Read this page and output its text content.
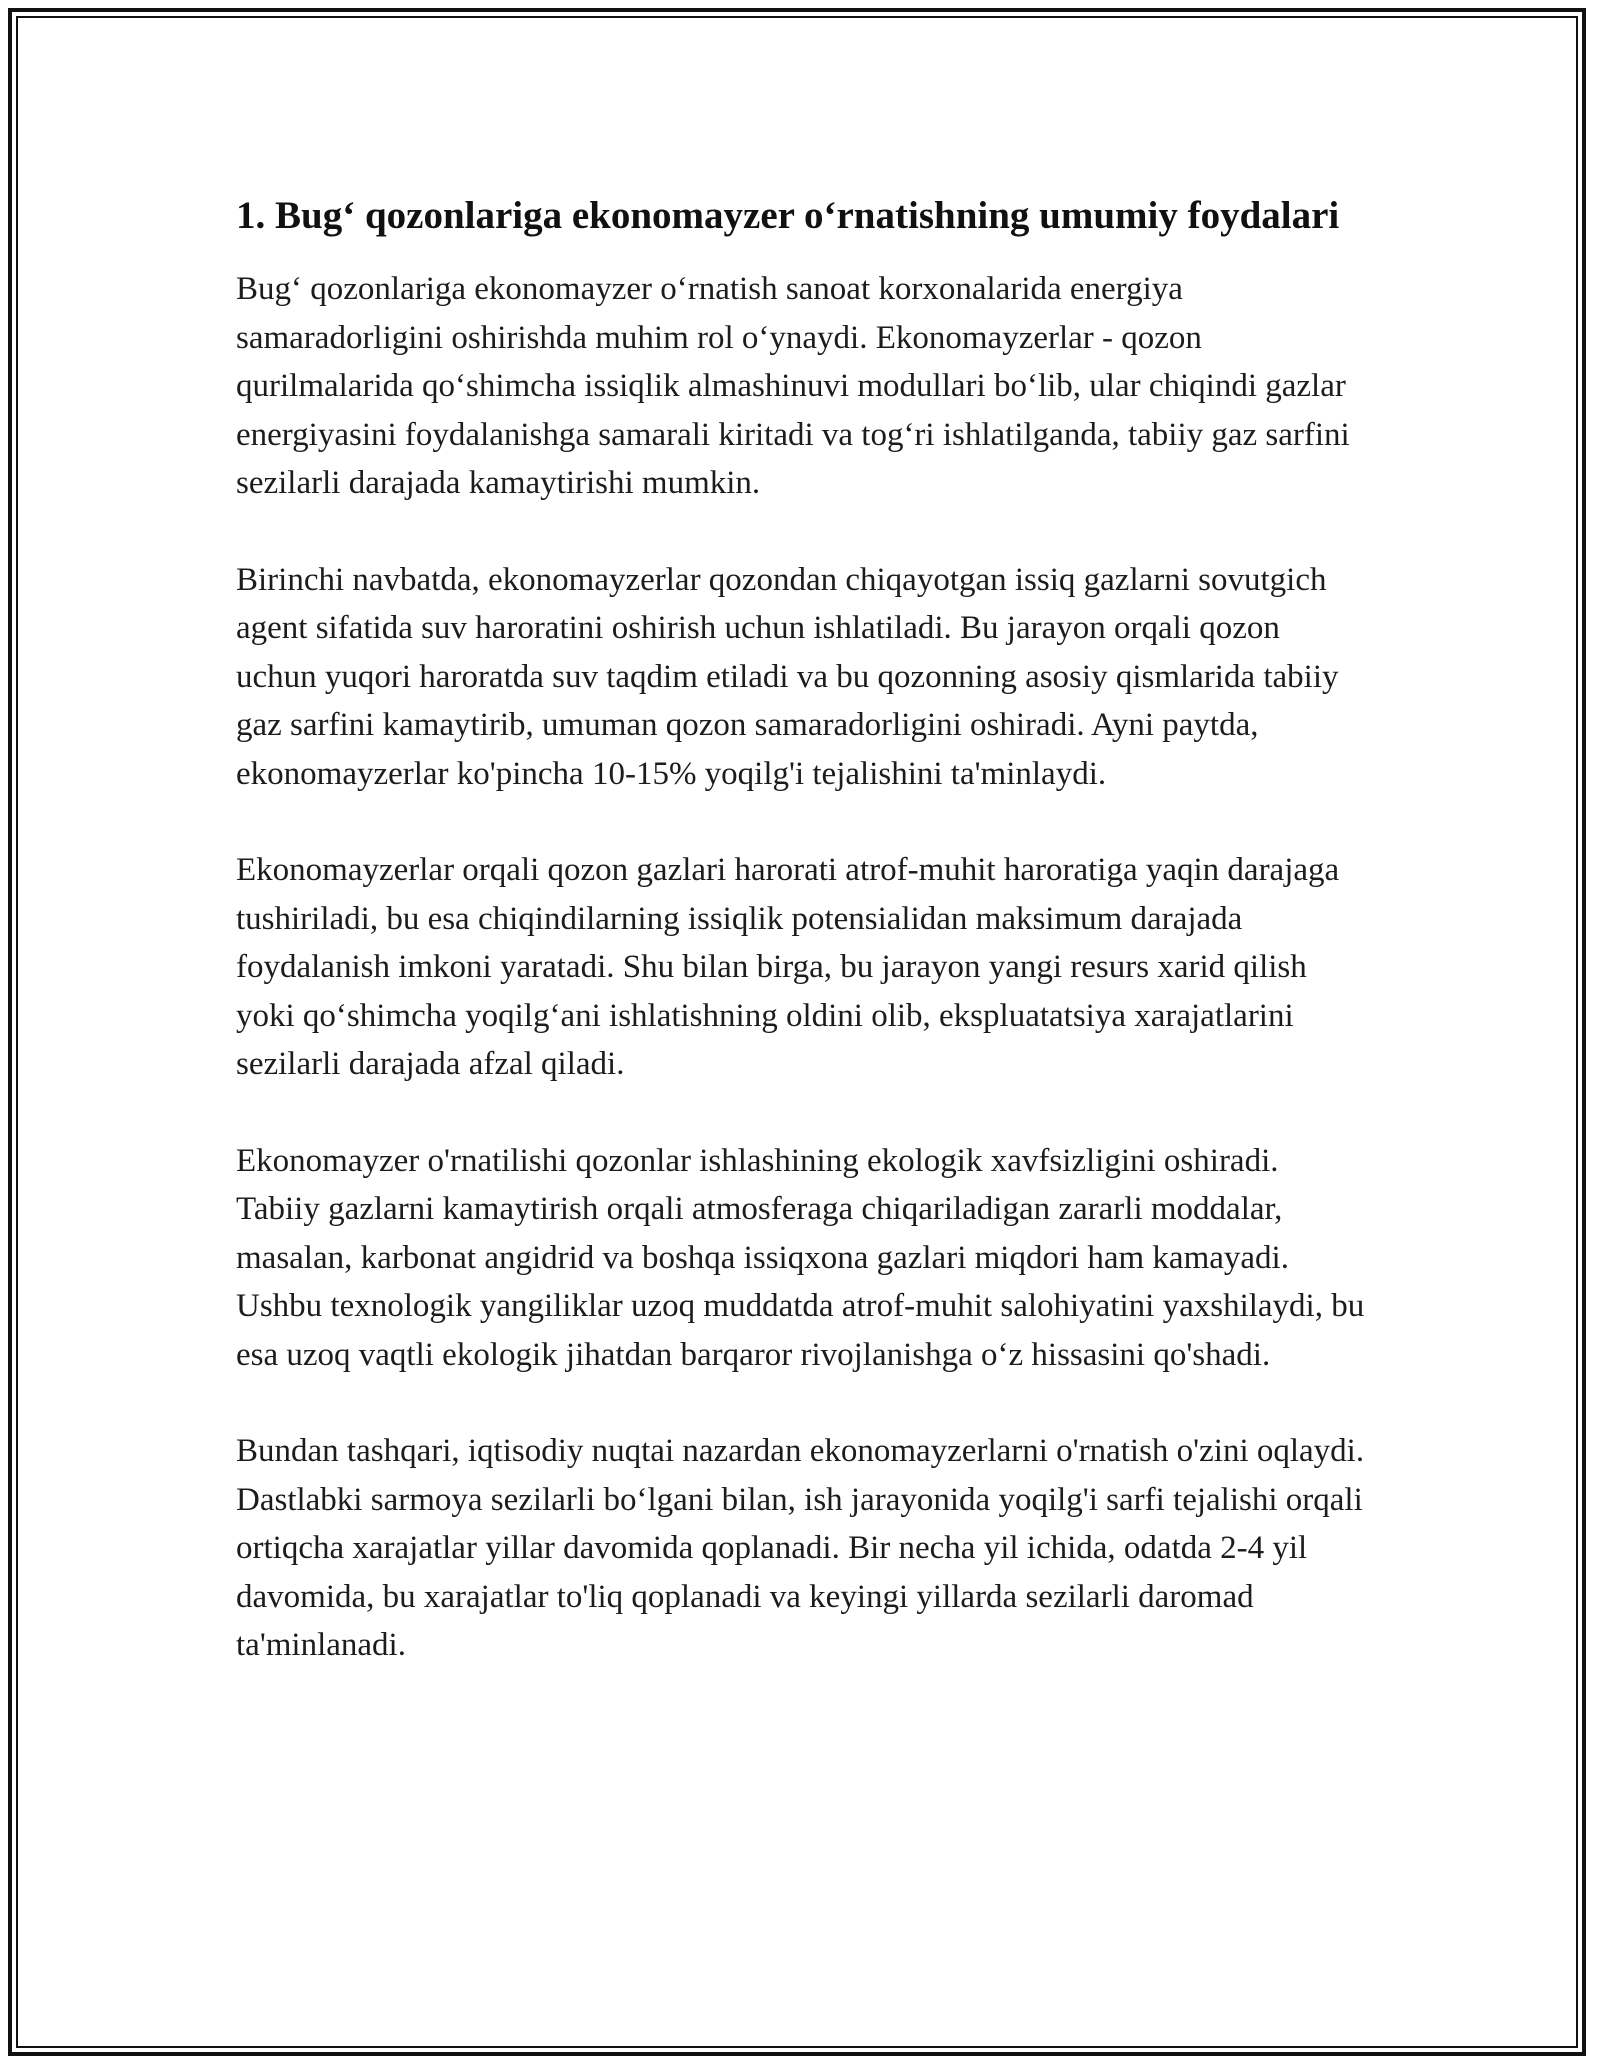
1. Bug‘ qozonlariga ekonomayzer o‘rnatishning umumiy foydalari

Bug‘ qozonlariga ekonomayzer o‘rnatish sanoat korxonalarida energiya samaradorligini oshirishda muhim rol o‘ynaydi. Ekonomayzerlar - qozon qurilmalarida qo‘shimcha issiqlik almashinuvi modullari bo‘lib, ular chiqindi gazlar energiyasini foydalanishga samarali kiritadi va tog‘ri ishlatilganda, tabiiy gaz sarfini sezilarli darajada kamaytirishi mumkin.

Birinchi navbatda, ekonomayzerlar qozondan chiqayotgan issiq gazlarni sovutgich agent sifatida suv haroratini oshirish uchun ishlatiladi. Bu jarayon orqali qozon uchun yuqori haroratda suv taqdim etiladi va bu qozonning asosiy qismlarida tabiiy gaz sarfini kamaytirib, umuman qozon samaradorligini oshiradi. Ayni paytda, ekonomayzerlar ko'pincha 10-15% yoqilg'i tejalishini ta'minlaydi.

Ekonomayzerlar orqali qozon gazlari harorati atrof-muhit haroratiga yaqin darajaga tushiriladi, bu esa chiqindilarning issiqlik potensialidan maksimum darajada foydalanish imkoni yaratadi. Shu bilan birga, bu jarayon yangi resurs xarid qilish yoki qo‘shimcha yoqilg‘ani ishlatishning oldini olib, ekspluatatsiya xarajatlarini sezilarli darajada afzal qiladi.

Ekonomayzer o'rnatilishi qozonlar ishlashining ekologik xavfsizligini oshiradi. Tabiiy gazlarni kamaytirish orqali atmosferaga chiqariladigan zararli moddalar, masalan, karbonat angidrid va boshqa issiqxona gazlari miqdori ham kamayadi. Ushbu texnologik yangiliklar uzoq muddatda atrof-muhit salohiyatini yaxshilaydi, bu esa uzoq vaqtli ekologik jihatdan barqaror rivojlanishga o‘z hissasini qo'shadi.

Bundan tashqari, iqtisodiy nuqtai nazardan ekonomayzerlarni o'rnatish o'zini oqlaydi. Dastlabki sarmoya sezilarli bo‘lgani bilan, ish jarayonida yoqilg'i sarfi tejalishi orqali ortiqcha xarajatlar yillar davomida qoplanadi. Bir necha yil ichida, odatda 2-4 yil davomida, bu xarajatlar to'liq qoplanadi va keyingi yillarda sezilarli daromad ta'minlanadi.
